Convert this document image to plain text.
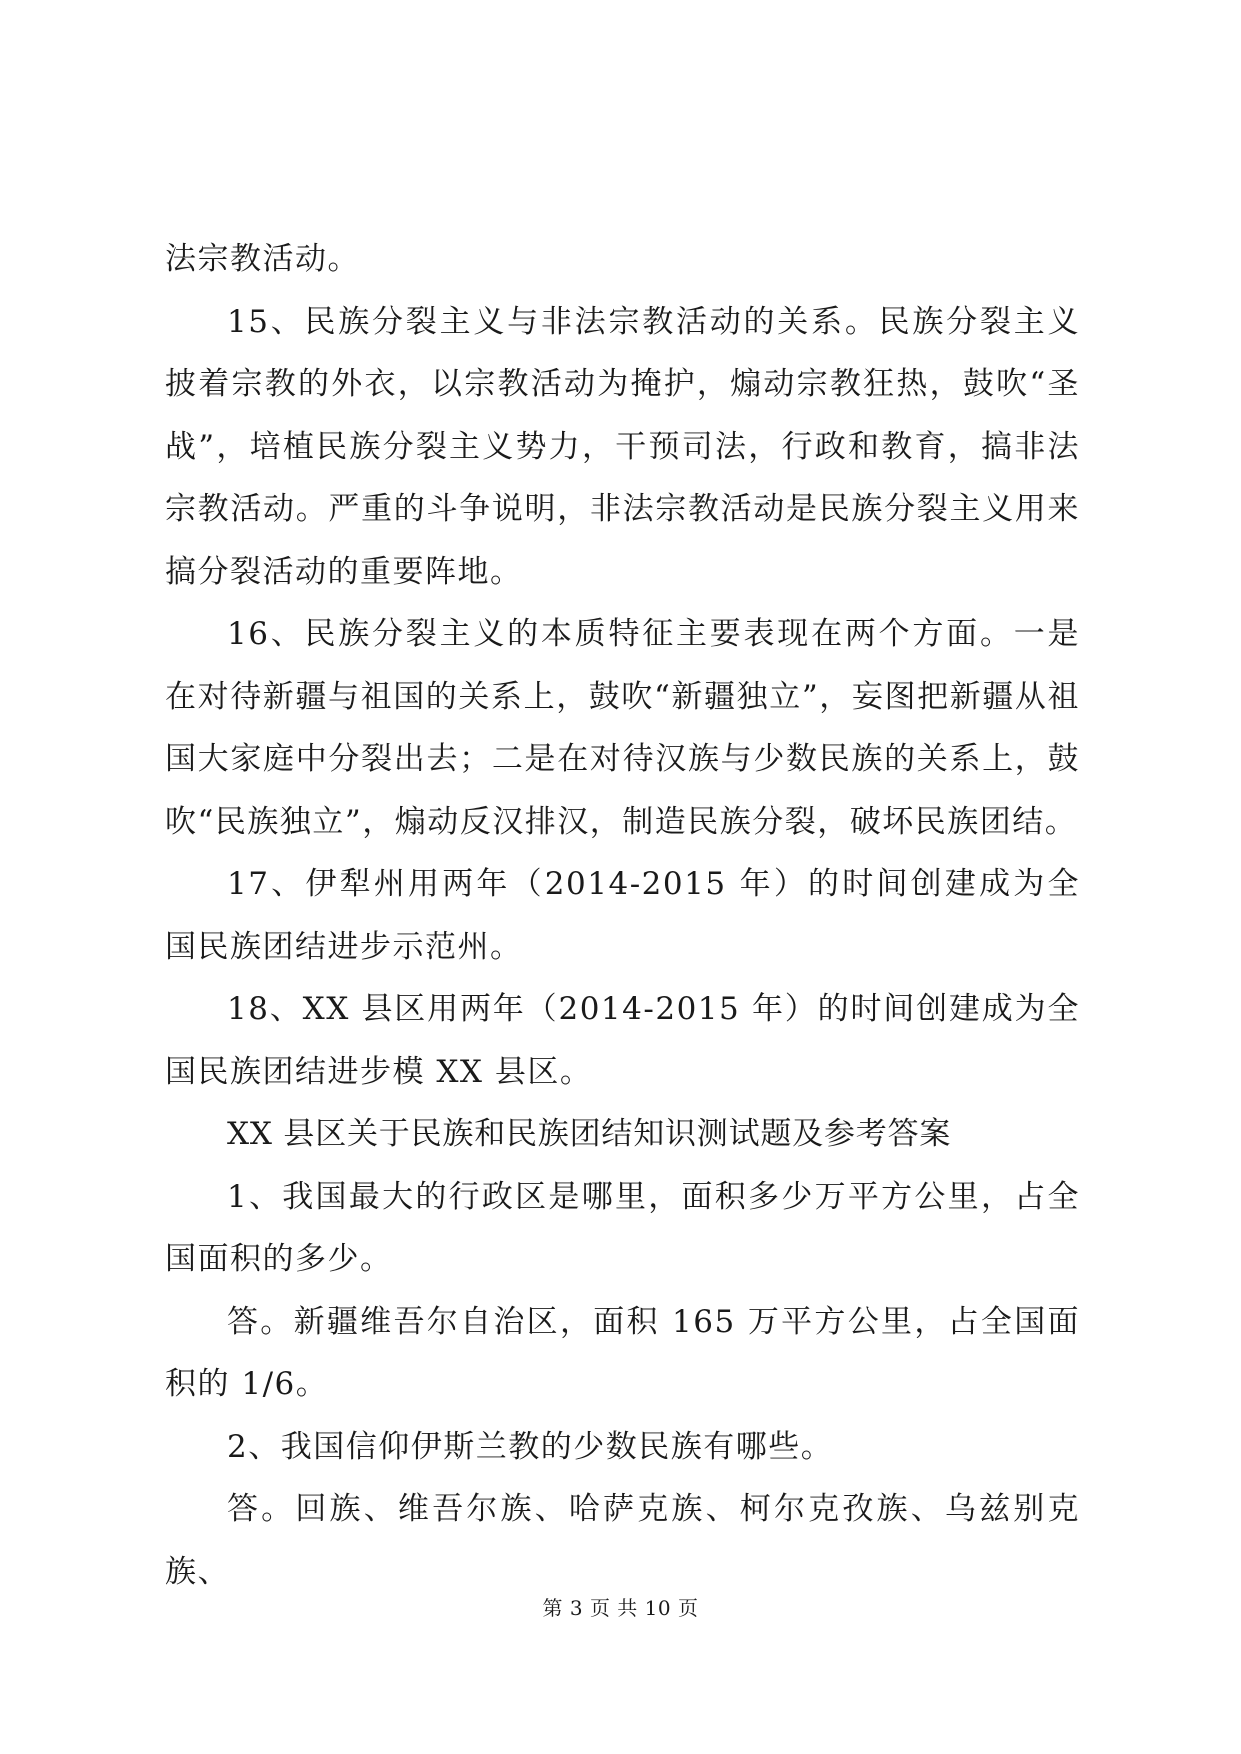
法宗教活动。

15、民族分裂主义与非法宗教活动的关系。民族分裂主义披着宗教的外衣，以宗教活动为掩护，煽动宗教狂热，鼓吹“圣战”，培植民族分裂主义势力，干预司法，行政和教育，搞非法宗教活动。严重的斗争说明，非法宗教活动是民族分裂主义用来搞分裂活动的重要阵地。

16、民族分裂主义的本质特征主要表现在两个方面。一是在对待新疆与祖国的关系上，鼓吹“新疆独立”，妄图把新疆从祖国大家庭中分裂出去；二是在对待汉族与少数民族的关系上，鼓吹“民族独立”，煽动反汉排汉，制造民族分裂，破坏民族团结。

17、伊犁州用两年（2014-2015 年）的时间创建成为全国民族团结进步示范州。

18、XX 县区用两年（2014-2015 年）的时间创建成为全国民族团结进步模 XX 县区。

XX 县区关于民族和民族团结知识测试题及参考答案

1、我国最大的行政区是哪里，面积多少万平方公里，占全国面积的多少。

答。新疆维吾尔自治区，面积 165 万平方公里，占全国面积的 1/6。

2、我国信仰伊斯兰教的少数民族有哪些。

答。回族、维吾尔族、哈萨克族、柯尔克孜族、乌兹别克族、

第 3 页 共 10 页
